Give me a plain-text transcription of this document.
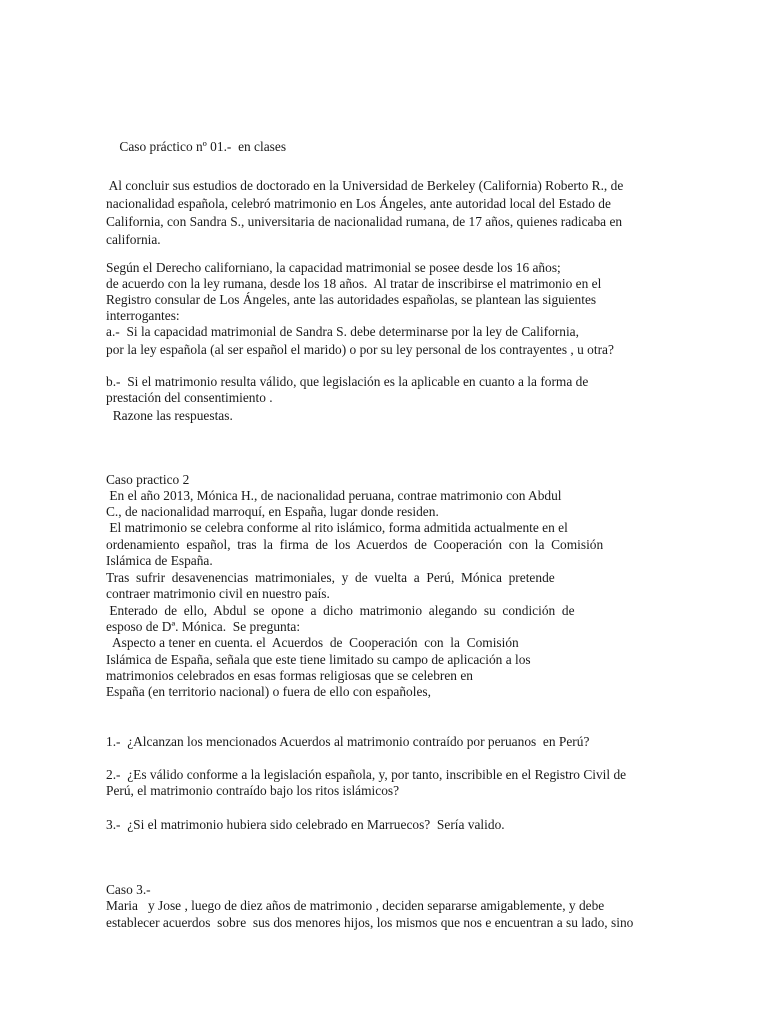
Caso práctico nº 01.-  en clases
Al concluir sus estudios de doctorado en la Universidad de Berkeley (California) Roberto R., de
nacionalidad española, celebró matrimonio en Los Ángeles, ante autoridad local del Estado de
California, con Sandra S., universitaria de nacionalidad rumana, de 17 años, quienes radicaba en
california.
Según el Derecho californiano, la capacidad matrimonial se posee desde los 16 años;
de acuerdo con la ley rumana, desde los 18 años.  Al tratar de inscribirse el matrimonio en el
Registro consular de Los Ángeles, ante las autoridades españolas, se plantean las siguientes
interrogantes:
a.-  Si la capacidad matrimonial de Sandra S. debe determinarse por la ley de California,
por la ley española (al ser español el marido) o por su ley personal de los contrayentes , u otra?
b.-  Si el matrimonio resulta válido, que legislación es la aplicable en cuanto a la forma de
prestación del consentimiento .
Razone las respuestas.
Caso practico 2
En el año 2013, Mónica H., de nacionalidad peruana, contrae matrimonio con Abdul
C., de nacionalidad marroquí, en España, lugar donde residen.
El matrimonio se celebra conforme al rito islámico, forma admitida actualmente en el
ordenamiento  español,  tras  la  firma  de  los  Acuerdos  de  Cooperación  con  la  Comisión
Islámica de España.
Tras  sufrir  desavenencias  matrimoniales,  y  de  vuelta  a  Perú,  Mónica  pretende
contraer matrimonio civil en nuestro país.
Enterado  de  ello,  Abdul  se  opone  a  dicho  matrimonio  alegando  su  condición  de
esposo de Dª. Mónica.  Se pregunta:
Aspecto a tener en cuenta. el  Acuerdos  de  Cooperación  con  la  Comisión
Islámica de España, señala que este tiene limitado su campo de aplicación a los
matrimonios celebrados en esas formas religiosas que se celebren en
España (en territorio nacional) o fuera de ello con españoles,
1.-  ¿Alcanzan los mencionados Acuerdos al matrimonio contraído por peruanos  en Perú?
2.-  ¿Es válido conforme a la legislación española, y, por tanto, inscribible en el Registro Civil de
Perú, el matrimonio contraído bajo los ritos islámicos?
3.-  ¿Si el matrimonio hubiera sido celebrado en Marruecos?  Sería valido.
Caso 3.-
Maria   y Jose , luego de diez años de matrimonio , deciden separarse amigablemente, y debe
establecer acuerdos  sobre  sus dos menores hijos, los mismos que nos e encuentran a su lado, sino
